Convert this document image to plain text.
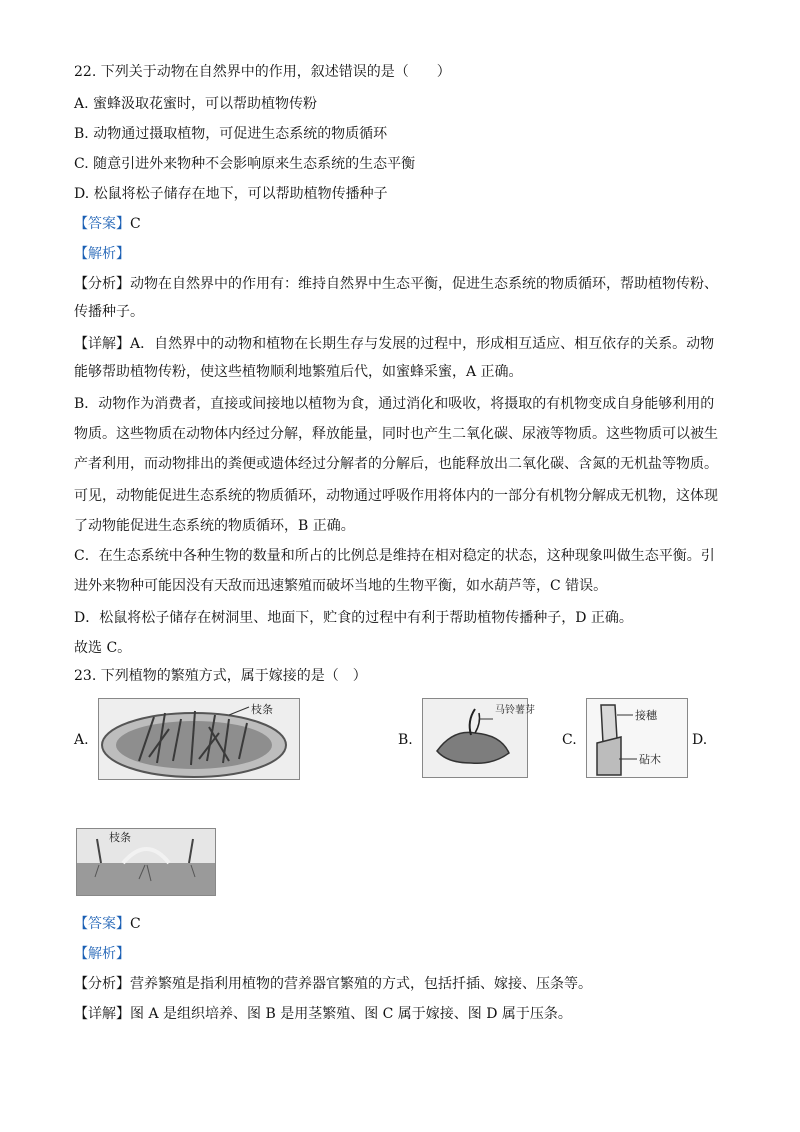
22. 下列关于动物在自然界中的作用，叙述错误的是（　　）
A. 蜜蜂汲取花蜜时，可以帮助植物传粉
B. 动物通过摄取植物，可促进生态系统的物质循环
C. 随意引进外来物种不会影响原来生态系统的生态平衡
D. 松鼠将松子储存在地下，可以帮助植物传播种子
【答案】C
【解析】
【分析】动物在自然界中的作用有：维持自然界中生态平衡，促进生态系统的物质循环，帮助植物传粉、
传播种子。
【详解】A．自然界中的动物和植物在长期生存与发展的过程中，形成相互适应、相互依存的关系。动物
能够帮助植物传粉，使这些植物顺利地繁殖后代，如蜜蜂采蜜，A 正确。
B．动物作为消费者，直接或间接地以植物为食，通过消化和吸收，将摄取的有机物变成自身能够利用的
物质。这些物质在动物体内经过分解，释放能量，同时也产生二氧化碳、尿液等物质。这些物质可以被生
产者利用，而动物排出的粪便或遗体经过分解者的分解后，也能释放出二氧化碳、含氮的无机盐等物质。
可见，动物能促进生态系统的物质循环，动物通过呼吸作用将体内的一部分有机物分解成无机物，这体现
了动物能促进生态系统的物质循环，B 正确。
C．在生态系统中各种生物的数量和所占的比例总是维持在相对稳定的状态，这种现象叫做生态平衡。引
进外来物种可能因没有天敌而迅速繁殖而破坏当地的生物平衡，如水葫芦等，C 错误。
D．松鼠将松子储存在树洞里、地面下，贮食的过程中有利于帮助植物传播种子，D 正确。
故选 C。
23. 下列植物的繁殖方式，属于嫁接的是（　）
A.
枝条
B.
马铃薯芽
C.
接穗
砧木
D.
枝条
【答案】C
【解析】
【分析】营养繁殖是指利用植物的营养器官繁殖的方式，包括扦插、嫁接、压条等。
【详解】图 A 是组织培养、图 B 是用茎繁殖、图 C 属于嫁接、图 D 属于压条。
